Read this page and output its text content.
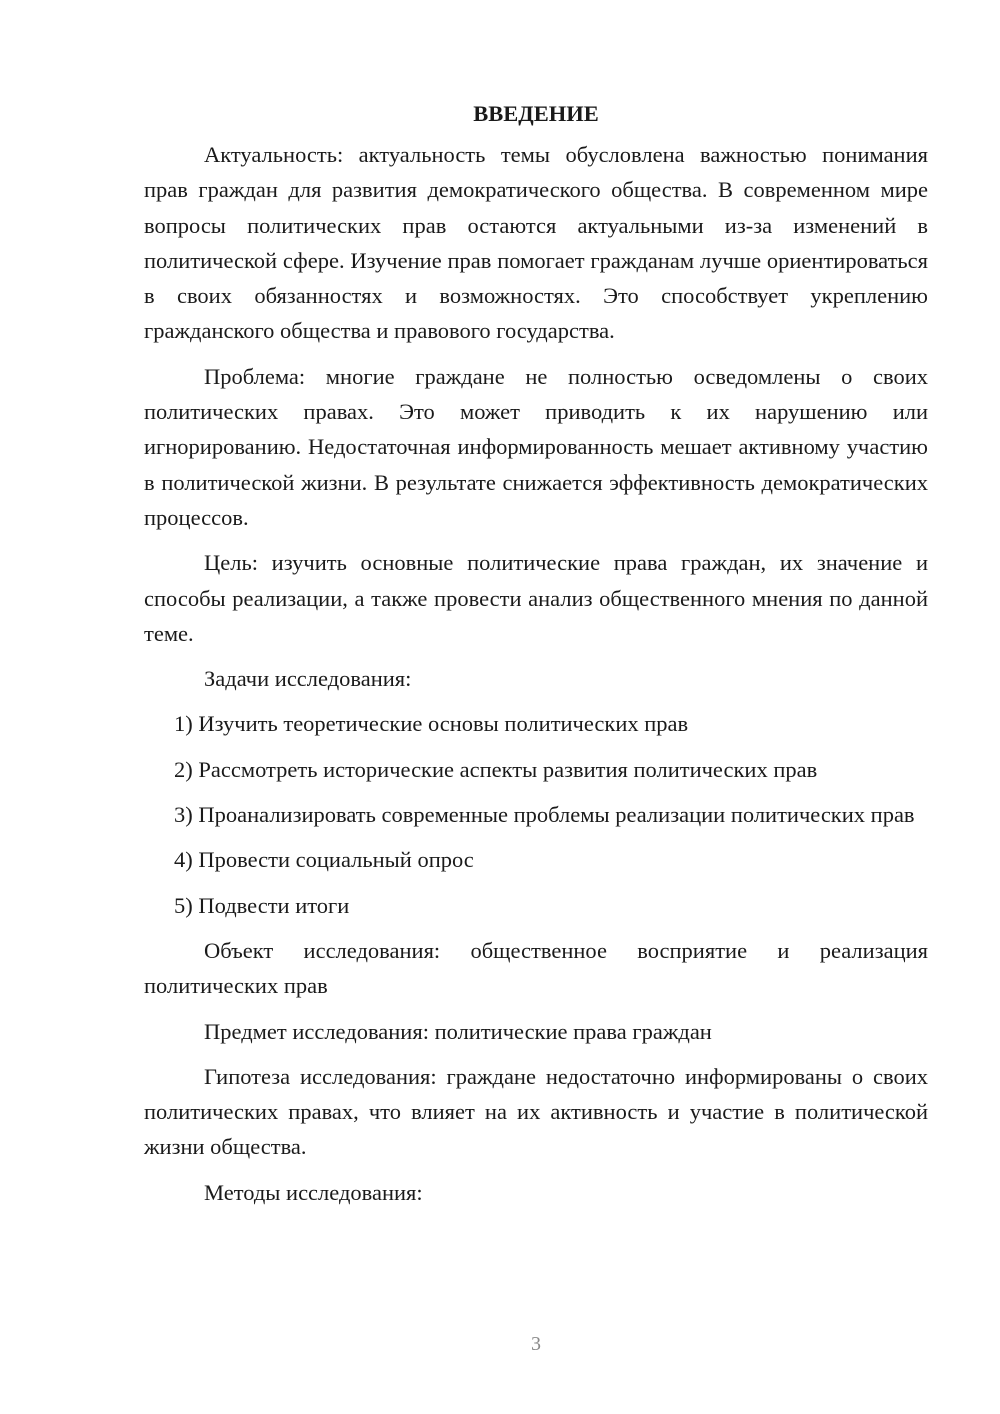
ВВЕДЕНИЕ

Актуальность: актуальность темы обусловлена важностью понимания прав граждан для развития демократического общества. В современном мире вопросы политических прав остаются актуальными из-за изменений в политической сфере. Изучение прав помогает гражданам лучше ориентироваться в своих обязанностях и возможностях. Это способствует укреплению гражданского общества и правового государства.

Проблема: многие граждане не полностью осведомлены о своих политических правах. Это может приводить к их нарушению или игнорированию. Недостаточная информированность мешает активному участию в политической жизни. В результате снижается эффективность демократических процессов.

Цель: изучить основные политические права граждан, их значение и способы реализации, а также провести анализ общественного мнения по данной теме.

Задачи исследования:

1) Изучить теоретические основы политических прав

2) Рассмотреть исторические аспекты развития политических прав

3) Проанализировать современные проблемы реализации политических прав

4) Провести социальный опрос

5) Подвести итоги

Объект исследования: общественное восприятие и реализация политических прав

Предмет исследования: политические права граждан

Гипотеза исследования: граждане недостаточно информированы о своих политических правах, что влияет на их активность и участие в политической жизни общества.

Методы исследования:

3
